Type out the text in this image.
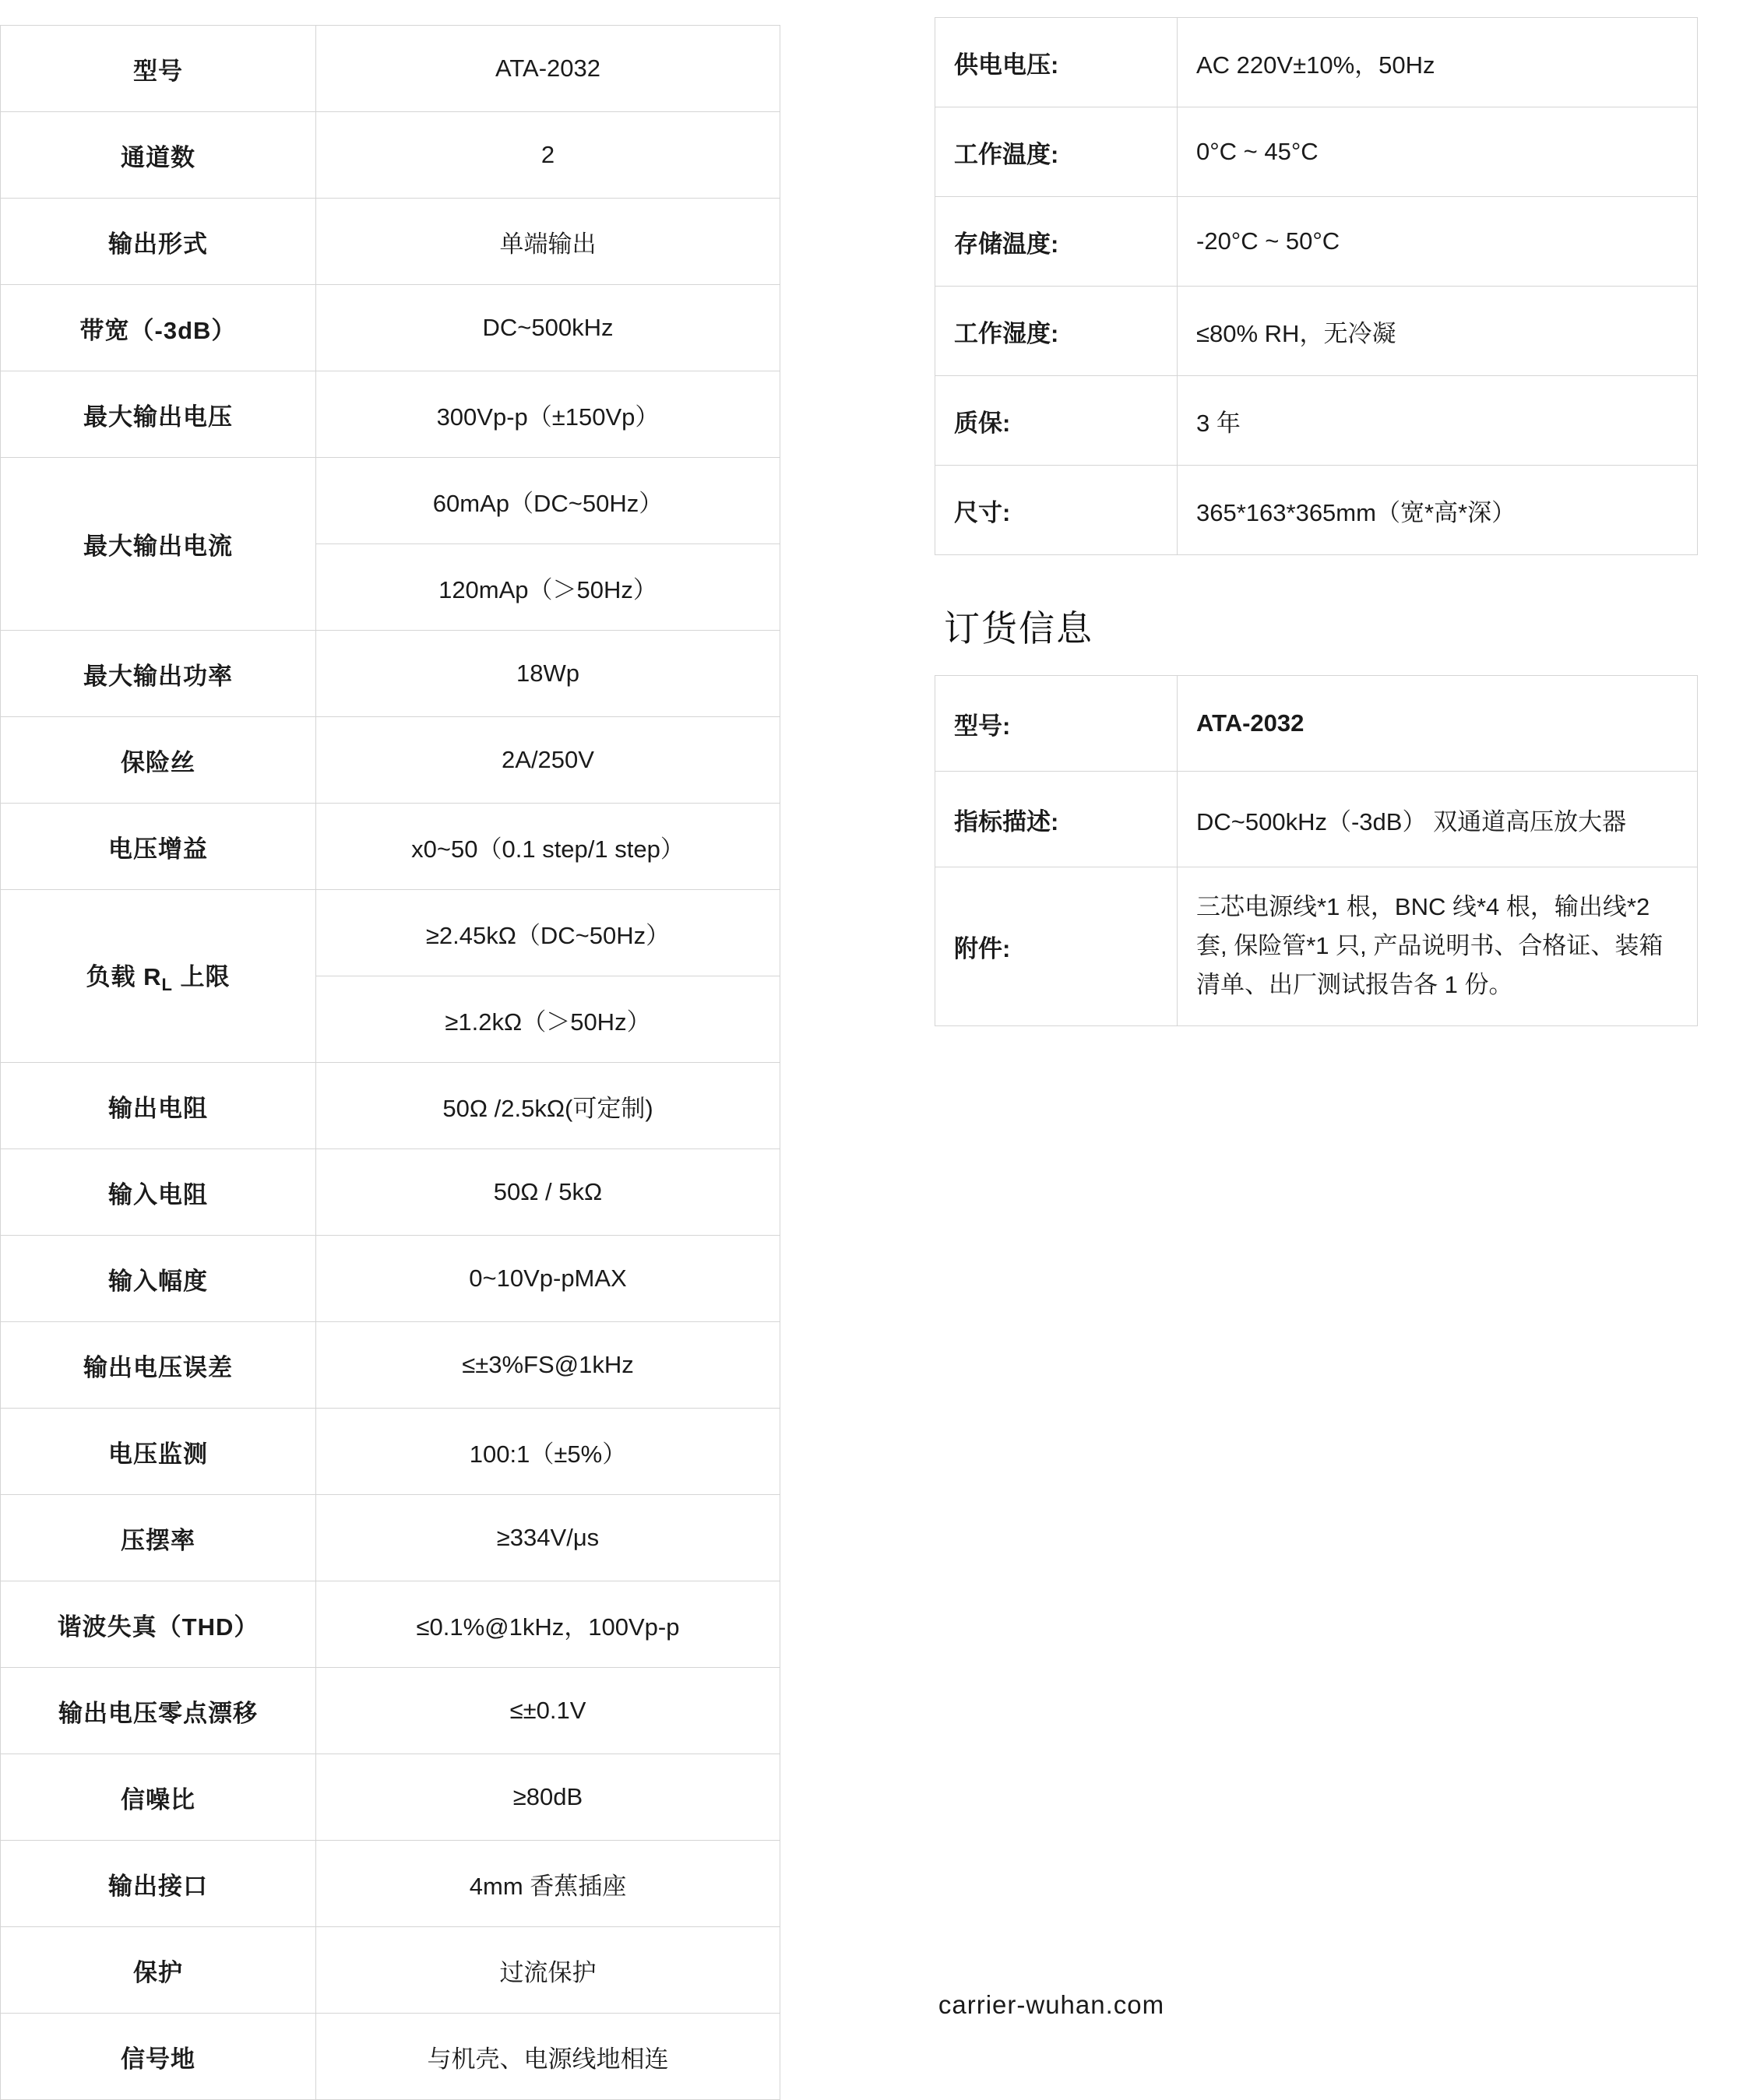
型号	ATA-2032
通道数	2
输出形式	单端输出
带宽（-3dB）	DC~500kHz
最大输出电压	300Vp-p（±150Vp）
最大输出电流	60mAp（DC~50Hz）
	120mAp（＞50Hz）
最大输出功率	18Wp
保险丝	2A/250V
电压增益	x0~50（0.1 step/1 step）
负载 $R_L$ 上限	≥2.45kΩ（DC~50Hz）
	≥1.2kΩ（＞50Hz）
输出电阻	50Ω /2.5kΩ(可定制)
输入电阻	50Ω / 5kΩ
输入幅度	0~10Vp-pMAX
输出电压误差	≤±3%FS@1kHz
电压监测	100:1（±5%）
压摆率	≥334V/μs
谐波失真（THD）	≤0.1%@1kHz，100Vp-p
输出电压零点漂移	≤±0.1V
信噪比	≥80dB
输出接口	4mm 香蕉插座
保护	过流保护
信号地	与机壳、电源线地相连
供电电压:	AC 220V±10%，50Hz
工作温度:	0°C ~ 45°C
存储温度:	-20°C ~ 50°C
工作湿度:	≤80% RH，无冷凝
质保:	3 年
尺寸:	365*163*365mm（宽*高*深）
订货信息
型号:	ATA-2032
指标描述:	DC~500kHz（-3dB） 双通道高压放大器
附件:	三芯电源线*1 根，BNC 线*4 根，输出线*2 套, 保险管*1 只, 产品说明书、合格证、装箱清单、出厂测试报告各 1 份。
carrier-wuhan.com
